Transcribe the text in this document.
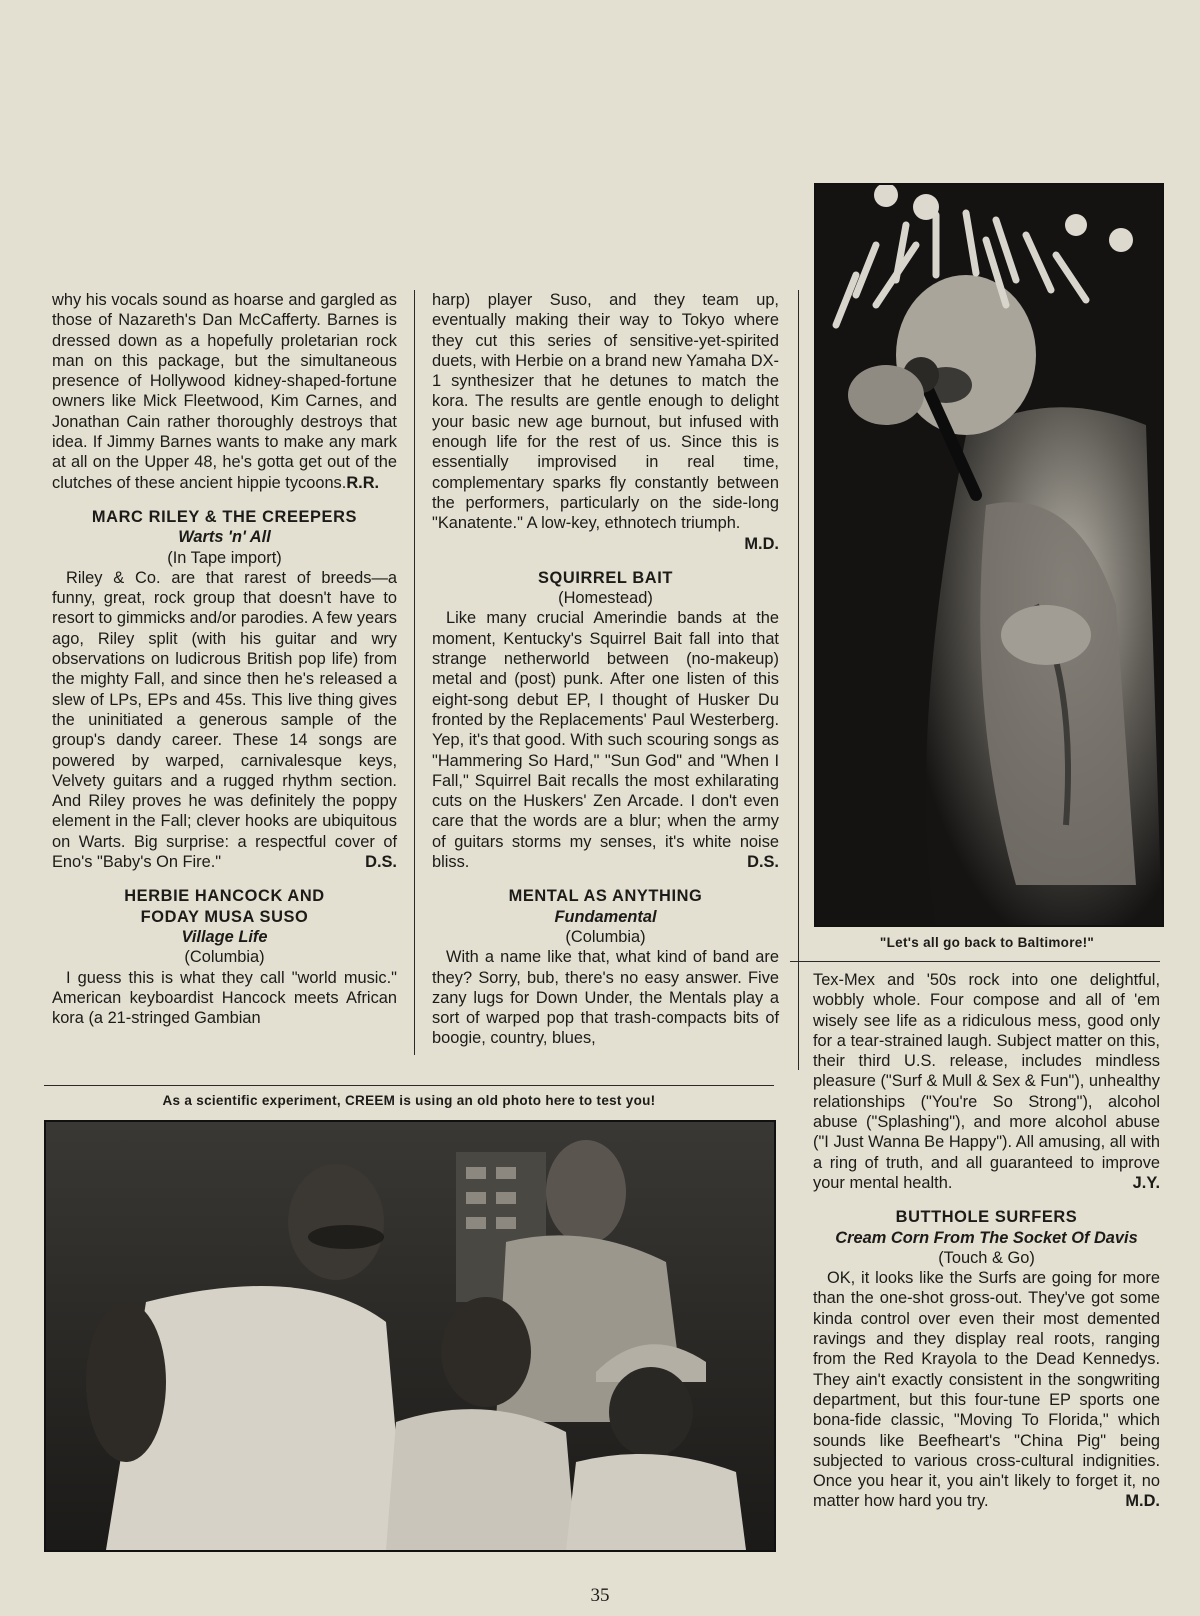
why his vocals sound as hoarse and gargled as those of Nazareth's Dan McCafferty. Barnes is dressed down as a hopefully proletarian rock man on this package, but the simultaneous presence of Hollywood kidney-shaped-fortune owners like Mick Fleetwood, Kim Carnes, and Jonathan Cain rather thoroughly destroys that idea. If Jimmy Barnes wants to make any mark at all on the Upper 48, he's gotta get out of the clutches of these ancient hippie tycoons.R.R.

MARC RILEY & THE CREEPERS
Warts 'n' All
(In Tape import)

Riley & Co. are that rarest of breeds—a funny, great, rock group that doesn't have to resort to gimmicks and/or parodies. A few years ago, Riley split (with his guitar and wry observations on ludicrous British pop life) from the mighty Fall, and since then he's released a slew of LPs, EPs and 45s. This live thing gives the uninitiated a generous sample of the group's dandy career. These 14 songs are powered by warped, carnivalesque keys, Velvety guitars and a rugged rhythm section. And Riley proves he was definitely the poppy element in the Fall; clever hooks are ubiquitous on Warts. Big surprise: a respectful cover of Eno's "Baby's On Fire."	D.S.

HERBIE HANCOCK AND
FODAY MUSA SUSO
Village Life
(Columbia)

I guess this is what they call "world music." American keyboardist Hancock meets African kora (a 21-stringed Gambian

harp) player Suso, and they team up, eventually making their way to Tokyo where they cut this series of sensitive-yet-spirited duets, with Herbie on a brand new Yamaha DX-1 synthesizer that he detunes to match the kora. The results are gentle enough to delight your basic new age burnout, but infused with enough life for the rest of us. Since this is essentially improvised in real time, complementary sparks fly constantly between the performers, particularly on the side-long "Kanatente." A low-key, ethnotech triumph.
M.D.

SQUIRREL BAIT
(Homestead)

Like many crucial Amerindie bands at the moment, Kentucky's Squirrel Bait fall into that strange netherworld between (no-makeup) metal and (post) punk. After one listen of this eight-song debut EP, I thought of Husker Du fronted by the Replacements' Paul Westerberg. Yep, it's that good. With such scouring songs as "Hammering So Hard," "Sun God" and "When I Fall," Squirrel Bait recalls the most exhilarating cuts on the Huskers' Zen Arcade. I don't even care that the words are a blur; when the army of guitars storms my senses, it's white noise bliss.	D.S.

MENTAL AS ANYTHING
Fundamental
(Columbia)

With a name like that, what kind of band are they? Sorry, bub, there's no easy answer. Five zany lugs for Down Under, the Mentals play a sort of warped pop that trash-compacts bits of boogie, country, blues,

"Let's all go back to Baltimore!"

Tex-Mex and '50s rock into one delightful, wobbly whole. Four compose and all of 'em wisely see life as a ridiculous mess, good only for a tear-strained laugh. Subject matter on this, their third U.S. release, includes mindless pleasure ("Surf & Mull & Sex & Fun"), unhealthy relationships ("You're So Strong"), alcohol abuse ("Splashing"), and more alcohol abuse ("I Just Wanna Be Happy"). All amusing, all with a ring of truth, and all guaranteed to improve your mental health.	J.Y.

BUTTHOLE SURFERS
Cream Corn From The Socket Of Davis
(Touch & Go)

OK, it looks like the Surfs are going for more than the one-shot gross-out. They've got some kinda control over even their most demented ravings and they display real roots, ranging from the Red Krayola to the Dead Kennedys. They ain't exactly consistent in the songwriting department, but this four-tune EP sports one bona-fide classic, "Moving To Florida," which sounds like Beefheart's "China Pig" being subjected to various cross-cultural indignities. Once you hear it, you ain't likely to forget it, no matter how hard you try.	M.D.

As a scientific experiment, CREEM is using an old photo here to test you!
35
